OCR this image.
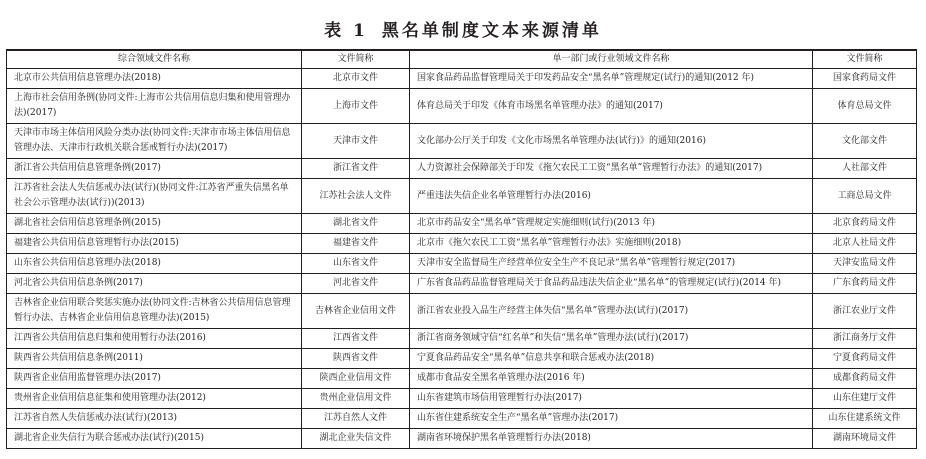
表 1 黑名单制度文本来源清单
综合领域文件名称	文件简称	单一部门或行业领域文件名称	文件简称
北京市公共信用信息管理办法(2018)	北京市文件	国家食品药品监督管理局关于印发药品安全“黑名单”管理规定(试行)的通知(2012 年)	国家食药局文件
上海市社会信用条例(协同文件:上海市公共信用信息归集和使用管理办法)(2017)	上海市文件	体育总局关于印发《体育市场黑名单管理办法》的通知(2017)	体育总局文件
天津市市场主体信用风险分类办法(协同文件:天津市市场主体信用信息管理办法、天津市行政机关联合惩戒暂行办法)(2017)	天津市文件	文化部办公厅关于印发《文化市场黑名单管理办法(试行)》的通知(2016)	文化部文件
浙江省公共信用信息管理条例(2017)	浙江省文件	人力资源社会保障部关于印发《拖欠农民工工资“黑名单”管理暂行办法》的通知(2017)	人社部文件
江苏省社会法人失信惩戒办法(试行)(协同文件:江苏省严重失信黑名单社会公示管理办法(试行))(2013)	江苏社会法人文件	严重违法失信企业名单管理暂行办法(2016)	工商总局文件
湖北省社会信用信息管理条例(2015)	湖北省文件	北京市药品安全“黑名单”管理规定实施细则(试行)(2013 年)	北京食药局文件
福建省公共信用信息管理暂行办法(2015)	福建省文件	北京市《拖欠农民工工资“黑名单”管理暂行办法》实施细则(2018)	北京人社局文件
山东省公共信用信息管理办法(2018)	山东省文件	天津市安全监督局生产经营单位安全生产不良记录“黑名单”管理暂行规定(2017)	天津安监局文件
河北省公共信用信息条例(2017)	河北省文件	广东省食品药品监督管理局关于食品药品违法失信企业“黑名单”的管理规定(试行)(2014 年)	广东食药局文件
吉林省企业信用联合奖惩实施办法(协同文件:吉林省公共信用信息管理暂行办法、吉林省企业信用信息管理办法)(2015)	吉林省企业信用文件	浙江省农业投入品生产经营主体失信“黑名单”管理办法(试行)(2017)	浙江农业厅文件
江西省公共信用信息归集和使用暂行办法(2016)	江西省文件	浙江省商务领域守信“红名单”和失信“黑名单”管理办法(试行)(2017)	浙江商务厅文件
陕西省公共信用信息条例(2011)	陕西省文件	宁夏食品药品安全“黑名单”信息共享和联合惩戒办法(2018)	宁夏食药局文件
陕西省企业信用监督管理办法(2017)	陕西企业信用文件	成都市食品安全黑名单管理办法(2016 年)	成都食药局文件
贵州省企业信用信息征集和使用管理办法(2012)	贵州企业信用文件	山东省建筑市场信用管理暂行办法(2017)	山东住建厅文件
江苏省自然人失信惩戒办法(试行)(2013)	江苏自然人文件	山东省住建系统安全生产“黑名单”管理办法(2017)	山东住建系统文件
湖北省企业失信行为联合惩戒办法(试行)(2015)	湖北企业失信文件	湖南省环境保护黑名单管理暂行办法(2018)	湖南环境局文件
